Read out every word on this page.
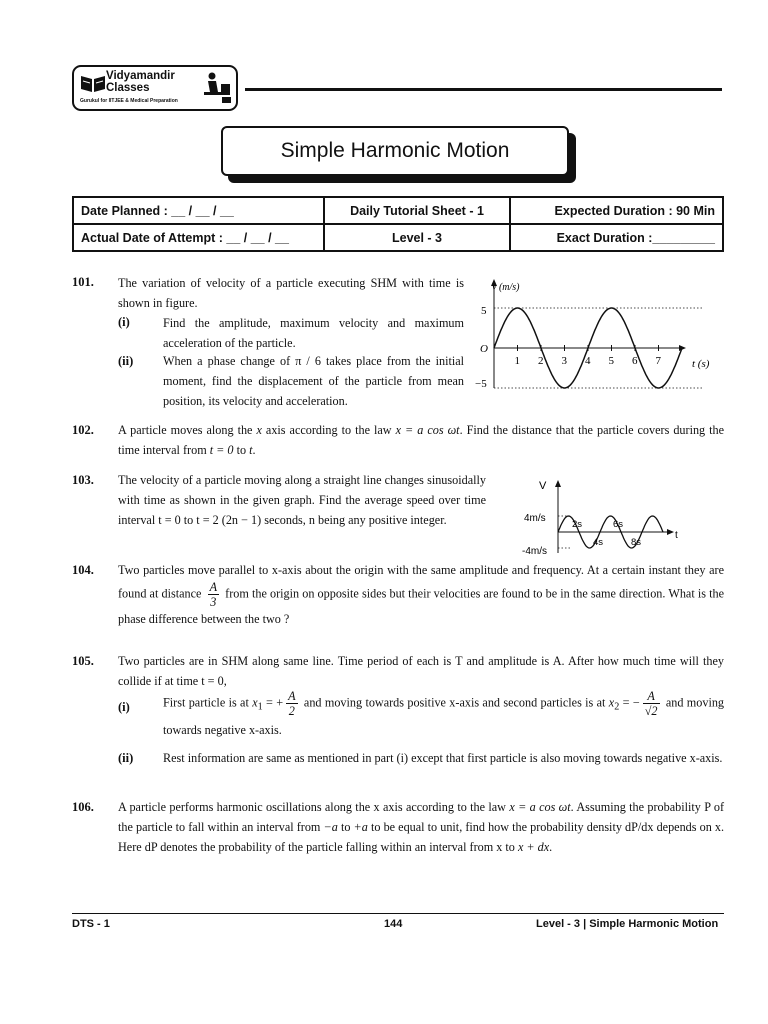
Vidyamandir
Classes
Gurukul for IITJEE & Medical Preparation
Simple Harmonic Motion
Date Planned : __ / __ / __	Daily Tutorial Sheet - 1	Expected Duration : 90 Min
Actual Date of Attempt : __ / __ / __	Level - 3	Exact Duration :_________
101. The variation of velocity of a particle executing SHM with time is shown in figure.
(i)	Find the amplitude, maximum velocity and maximum acceleration of the particle.
(ii) When a phase change of π / 6 takes place from the initial moment, find the displacement of the particle from mean position, its velocity and acceleration.
1 2 3 4 5 6 7
v (m/s)
5
−5
O
t (s)
102. A particle moves along the x axis according to the law x = a cos ωt. Find the distance that the particle covers during the time interval from t = 0 to t.
103. The velocity of a particle moving along a straight line changes sinusoidally with time as shown in the given graph. Find the average speed over time interval t = 0 to t = 2 (2n − 1) seconds, n being any positive integer.
V
4m/s
-4m/s
t
2s	6s
4s	8s
104. Two particles move parallel to x-axis about the origin with the same amplitude and frequency. At a certain instant they are found at distance $\frac{A}{3}$ from the origin on opposite sides but their velocities are found to be in the same direction. What is the phase difference between the two ?
105. Two particles are in SHM along same line. Time period of each is T and amplitude is A. After how much time will they collide if at time t = 0,
(i)	First particle is at $x_1$ = + $\frac{A}{2}$ and moving towards positive x-axis and second particles is at $x_2$ = − $\frac{A}{√2}$ and moving towards negative x-axis.
(ii) Rest information are same as mentioned in part (i) except that first particle is also moving towards negative x-axis.
106. A particle performs harmonic oscillations along the x axis according to the law x = a cos ωt. Assuming the probability P of the particle to fall within an interval from −a to +a to be equal to unit, find how the probability density dP/dx depends on x. Here dP denotes the probability of the particle falling within an interval from x to x + dx.
DTS - 1	144	Level - 3 | Simple Harmonic Motion
